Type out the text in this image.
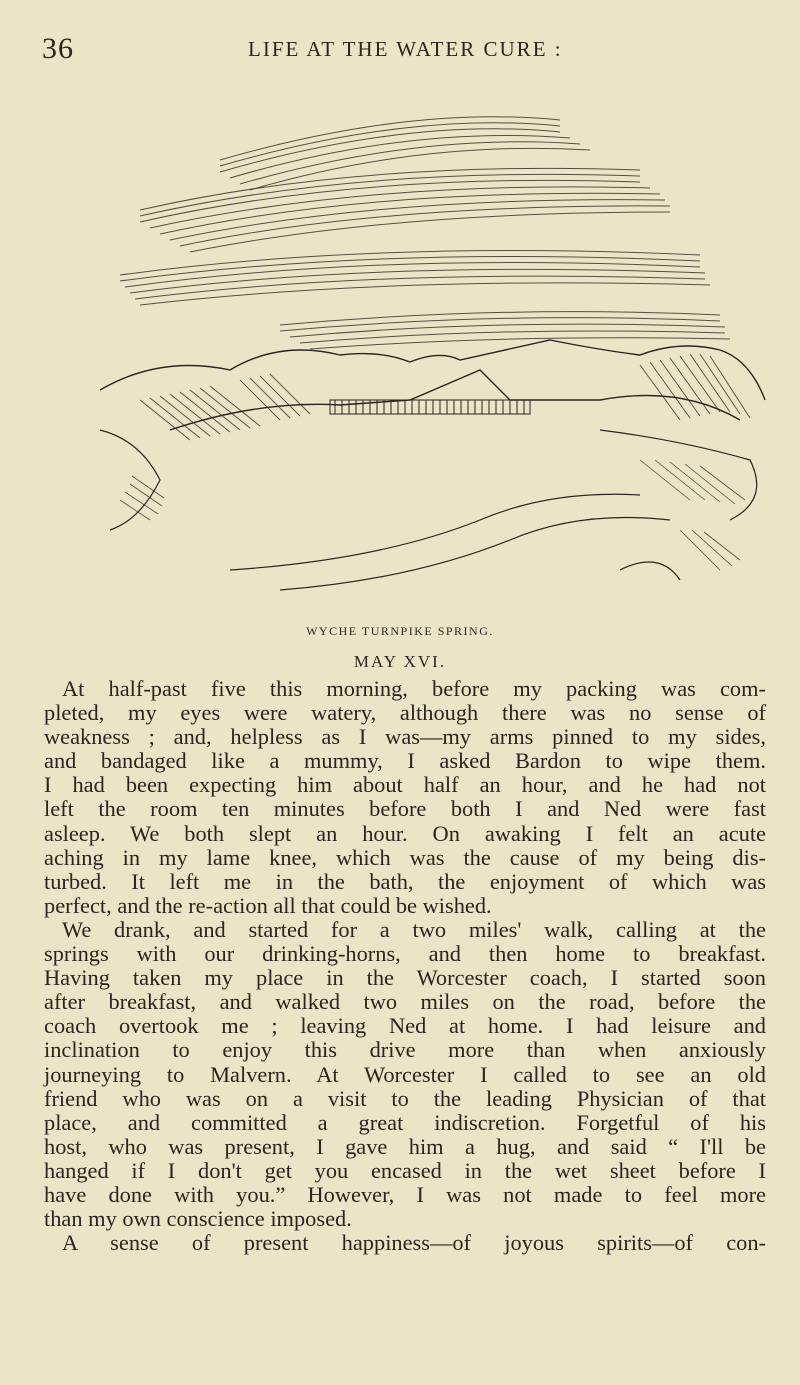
36	LIFE AT THE WATER CURE :
WYCHE TURNPIKE SPRING.
MAY XVI.
At half-past five this morning, before my packing was com-
pleted, my eyes were watery, although there was no sense of
weakness ; and, helpless as I was—my arms pinned to my sides,
and bandaged like a mummy, I asked Bardon to wipe them.
I had been expecting him about half an hour, and he had not
left the room ten minutes before both I and Ned were fast
asleep. We both slept an hour. On awaking I felt an acute
aching in my lame knee, which was the cause of my being dis-
turbed. It left me in the bath, the enjoyment of which was
perfect, and the re-action all that could be wished.
We drank, and started for a two miles' walk, calling at the
springs with our drinking-horns, and then home to breakfast.
Having taken my place in the Worcester coach, I started soon
after breakfast, and walked two miles on the road, before the
coach overtook me ; leaving Ned at home. I had leisure and
inclination to enjoy this drive more than when anxiously
journeying to Malvern. At Worcester I called to see an old
friend who was on a visit to the leading Physician of that
place, and committed a great indiscretion. Forgetful of his
host, who was present, I gave him a hug, and said “ I'll be
hanged if I don't get you encased in the wet sheet before I
have done with you.” However, I was not made to feel more
than my own conscience imposed.
A sense of present happiness—of joyous spirits—of con-
